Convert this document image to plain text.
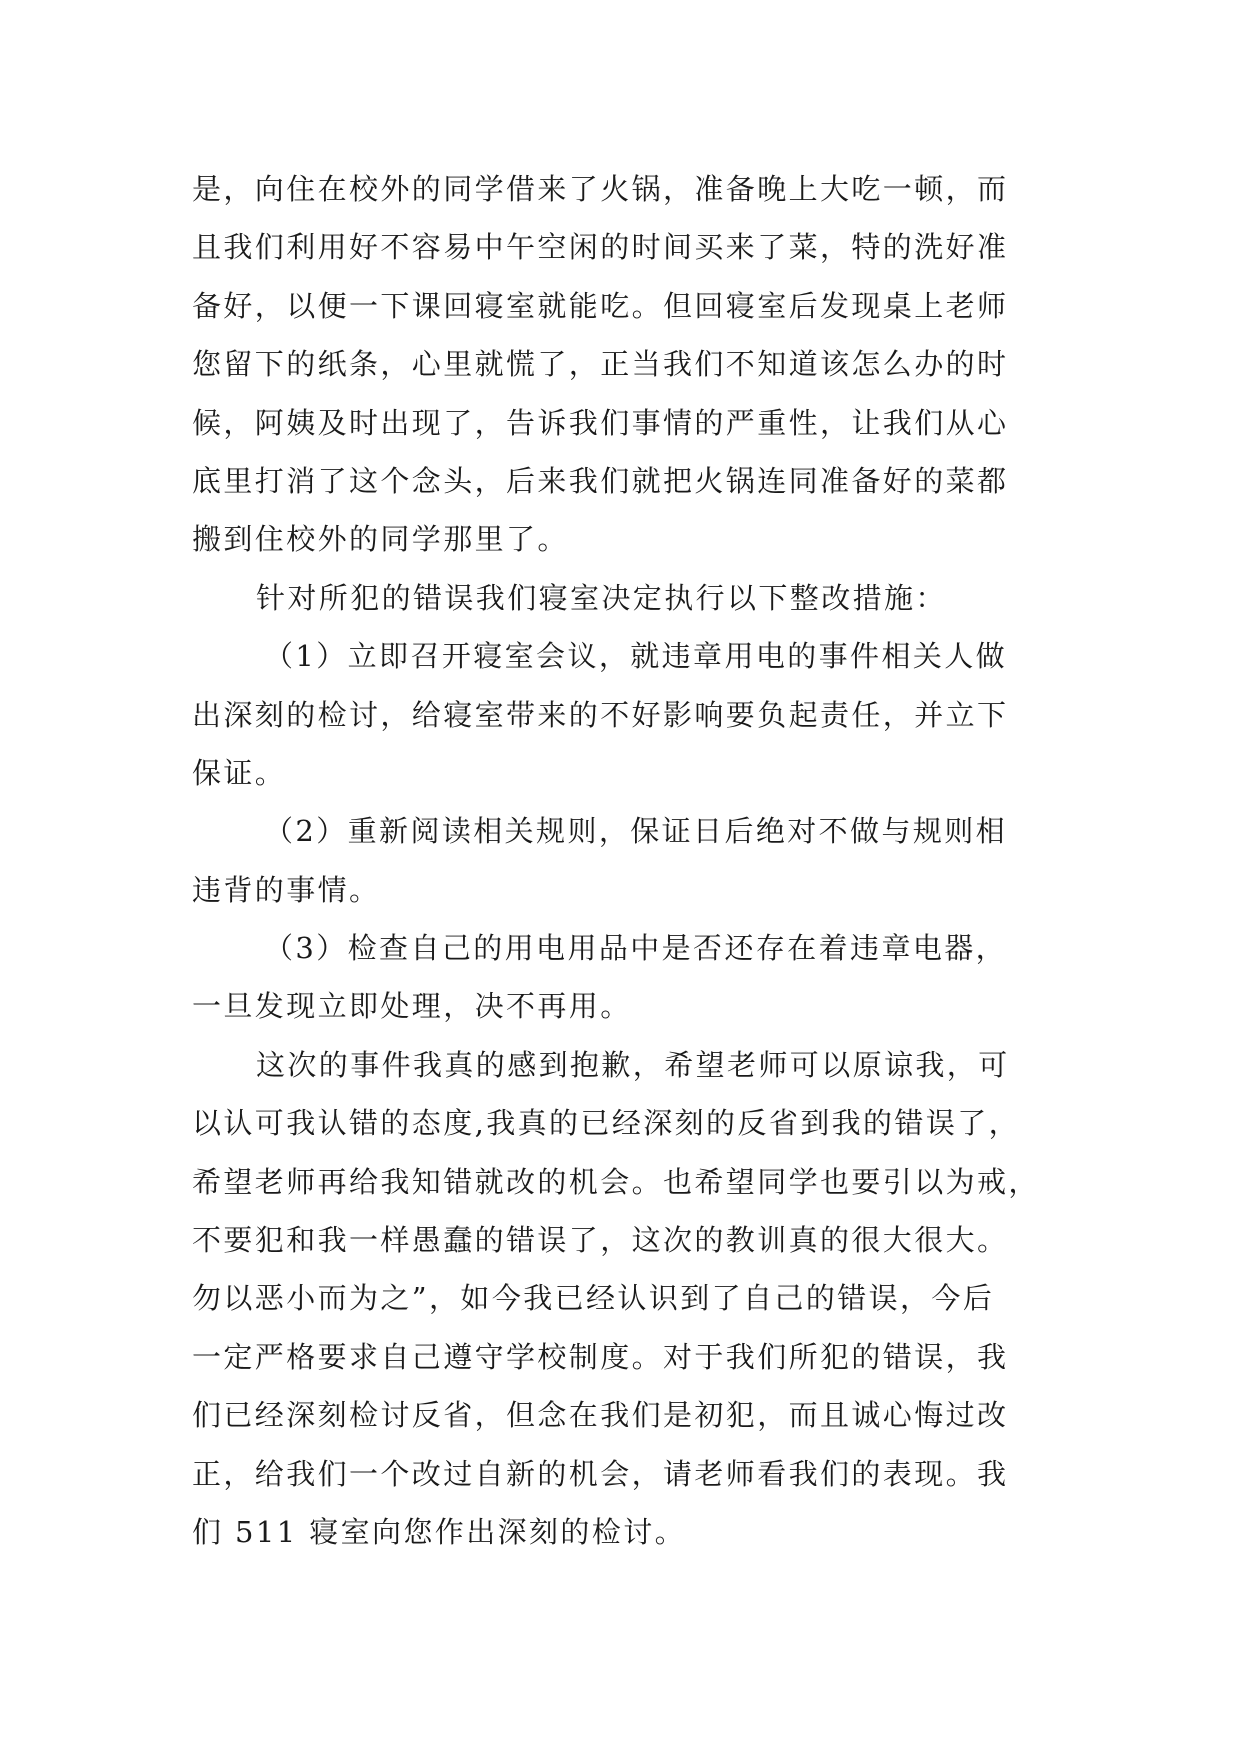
是，向住在校外的同学借来了火锅，准备晚上大吃一顿，而
且我们利用好不容易中午空闲的时间买来了菜，特的洗好准
备好，以便一下课回寝室就能吃。但回寝室后发现桌上老师
您留下的纸条，心里就慌了，正当我们不知道该怎么办的时
候，阿姨及时出现了，告诉我们事情的严重性，让我们从心
底里打消了这个念头，后来我们就把火锅连同准备好的菜都
搬到住校外的同学那里了。
针对所犯的错误我们寝室决定执行以下整改措施：
（1）立即召开寝室会议，就违章用电的事件相关人做
出深刻的检讨，给寝室带来的不好影响要负起责任，并立下
保证。
（2）重新阅读相关规则，保证日后绝对不做与规则相
违背的事情。
（3）检查自己的用电用品中是否还存在着违章电器，
一旦发现立即处理，决不再用。
这次的事件我真的感到抱歉，希望老师可以原谅我，可
以认可我认错的态度,我真的已经深刻的反省到我的错误了，
希望老师再给我知错就改的机会。也希望同学也要引以为戒，
不要犯和我一样愚蠢的错误了，这次的教训真的很大很大。
勿以恶小而为之”，如今我已经认识到了自己的错误，今后
一定严格要求自己遵守学校制度。对于我们所犯的错误，我
们已经深刻检讨反省，但念在我们是初犯，而且诚心悔过改
正，给我们一个改过自新的机会，请老师看我们的表现。我
们 511 寝室向您作出深刻的检讨。
